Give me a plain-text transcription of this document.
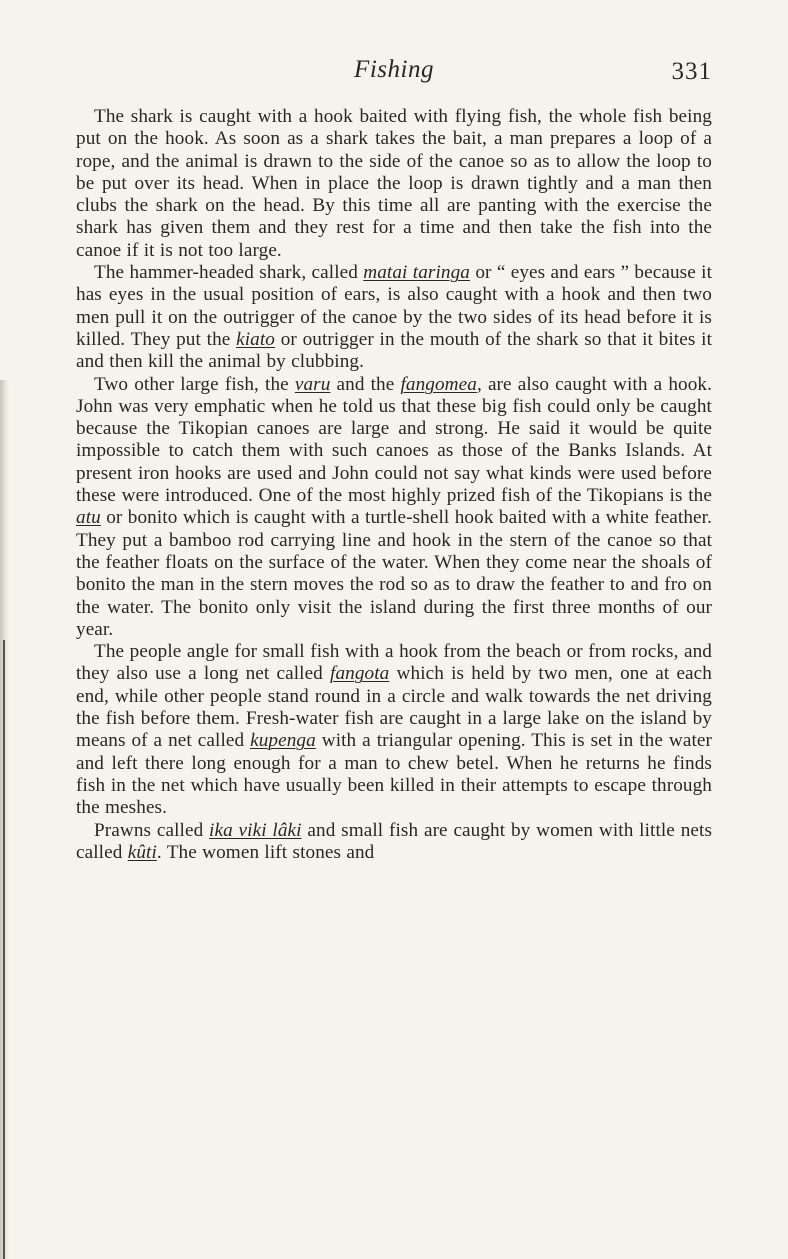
Fishing	331

The shark is caught with a hook baited with flying fish, the whole fish being put on the hook. As soon as a shark takes the bait, a man prepares a loop of a rope, and the animal is drawn to the side of the canoe so as to allow the loop to be put over its head. When in place the loop is drawn tightly and a man then clubs the shark on the head. By this time all are panting with the exercise the shark has given them and they rest for a time and then take the fish into the canoe if it is not too large.

The hammer-headed shark, called matai taringa or “ eyes and ears ” because it has eyes in the usual position of ears, is also caught with a hook and then two men pull it on the outrigger of the canoe by the two sides of its head before it is killed. They put the kiato or outrigger in the mouth of the shark so that it bites it and then kill the animal by clubbing.

Two other large fish, the varu and the fangomea, are also caught with a hook. John was very emphatic when he told us that these big fish could only be caught because the Tikopian canoes are large and strong. He said it would be quite impossible to catch them with such canoes as those of the Banks Islands. At present iron hooks are used and John could not say what kinds were used before these were introduced. One of the most highly prized fish of the Tikopians is the atu or bonito which is caught with a turtle-shell hook baited with a white feather. They put a bamboo rod carrying line and hook in the stern of the canoe so that the feather floats on the surface of the water. When they come near the shoals of bonito the man in the stern moves the rod so as to draw the feather to and fro on the water. The bonito only visit the island during the first three months of our year.

The people angle for small fish with a hook from the beach or from rocks, and they also use a long net called fangota which is held by two men, one at each end, while other people stand round in a circle and walk towards the net driving the fish before them. Fresh-water fish are caught in a large lake on the island by means of a net called kupenga with a triangular opening. This is set in the water and left there long enough for a man to chew betel. When he returns he finds fish in the net which have usually been killed in their attempts to escape through the meshes.

Prawns called ika viki lâki and small fish are caught by women with little nets called kûti. The women lift stones and
